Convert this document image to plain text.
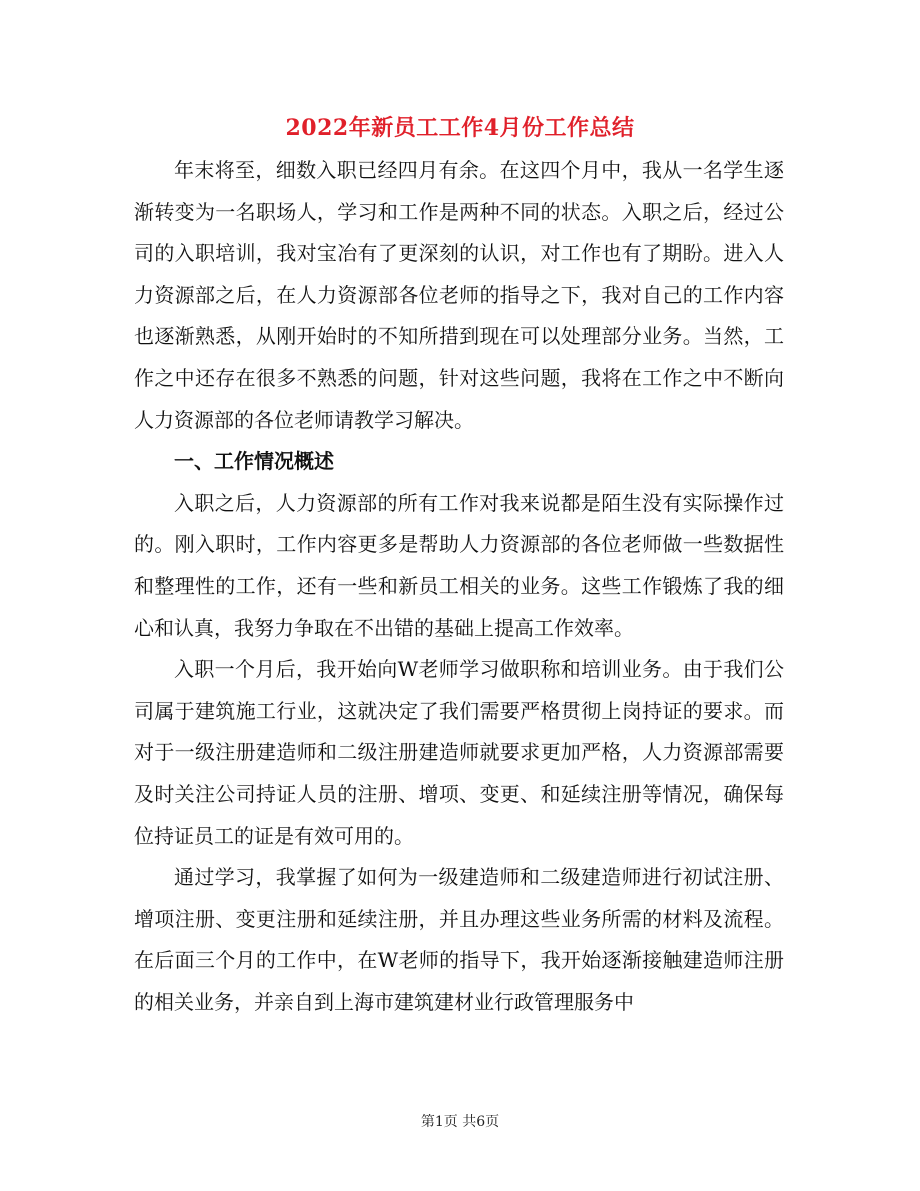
2022年新员工工作4月份工作总结

年末将至，细数入职已经四月有余。在这四个月中，我从一名学生逐渐转变为一名职场人，学习和工作是两种不同的状态。入职之后，经过公司的入职培训，我对宝冶有了更深刻的认识，对工作也有了期盼。进入人力资源部之后，在人力资源部各位老师的指导之下，我对自己的工作内容也逐渐熟悉，从刚开始时的不知所措到现在可以处理部分业务。当然，工作之中还存在很多不熟悉的问题，针对这些问题，我将在工作之中不断向人力资源部的各位老师请教学习解决。

一、工作情况概述

入职之后，人力资源部的所有工作对我来说都是陌生没有实际操作过的。刚入职时，工作内容更多是帮助人力资源部的各位老师做一些数据性和整理性的工作，还有一些和新员工相关的业务。这些工作锻炼了我的细心和认真，我努力争取在不出错的基础上提高工作效率。

入职一个月后，我开始向W老师学习做职称和培训业务。由于我们公司属于建筑施工行业，这就决定了我们需要严格贯彻上岗持证的要求。而对于一级注册建造师和二级注册建造师就要求更加严格，人力资源部需要及时关注公司持证人员的注册、增项、变更、和延续注册等情况，确保每位持证员工的证是有效可用的。

通过学习，我掌握了如何为一级建造师和二级建造师进行初试注册、增项注册、变更注册和延续注册，并且办理这些业务所需的材料及流程。在后面三个月的工作中，在W老师的指导下，我开始逐渐接触建造师注册的相关业务，并亲自到上海市建筑建材业行政管理服务中

第1页 共6页
